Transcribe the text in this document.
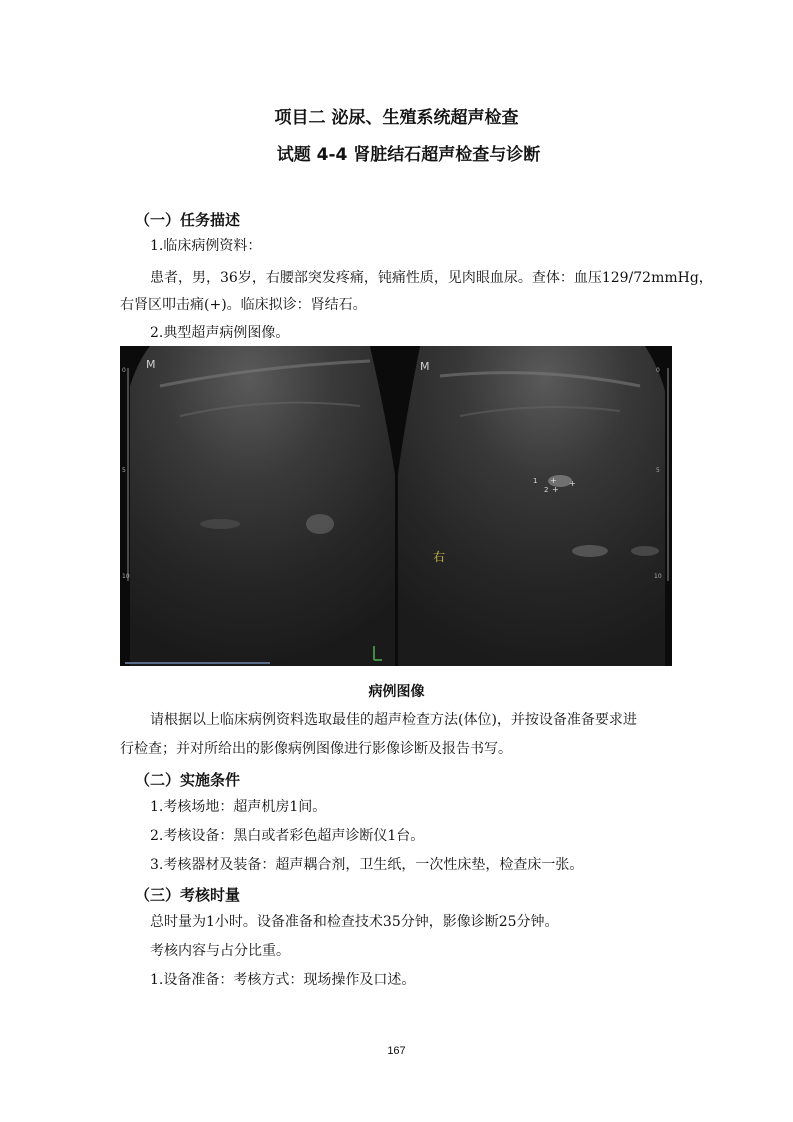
项目二 泌尿、生殖系统超声检查
试题 4-4 肾脏结石超声检查与诊断
（一）任务描述
1.临床病例资料：
患者，男，36岁，右腰部突发疼痛，钝痛性质，见肉眼血尿。查体：血压129/72mmHg，
右肾区叩击痛(+)。临床拟诊：肾结石。
2.典型超声病例图像。
M	M
右
1
2
+ +
+
0
5
10
0
5
10
病例图像
请根据以上临床病例资料选取最佳的超声检查方法(体位)，并按设备准备要求进
行检查；并对所给出的影像病例图像进行影像诊断及报告书写。
（二）实施条件
1.考核场地：超声机房1间。
2.考核设备：黑白或者彩色超声诊断仪1台。
3.考核器材及装备：超声耦合剂，卫生纸，一次性床垫，检查床一张。
（三）考核时量
总时量为1小时。设备准备和检查技术35分钟，影像诊断25分钟。
考核内容与占分比重。
1.设备准备：考核方式：现场操作及口述。
167
